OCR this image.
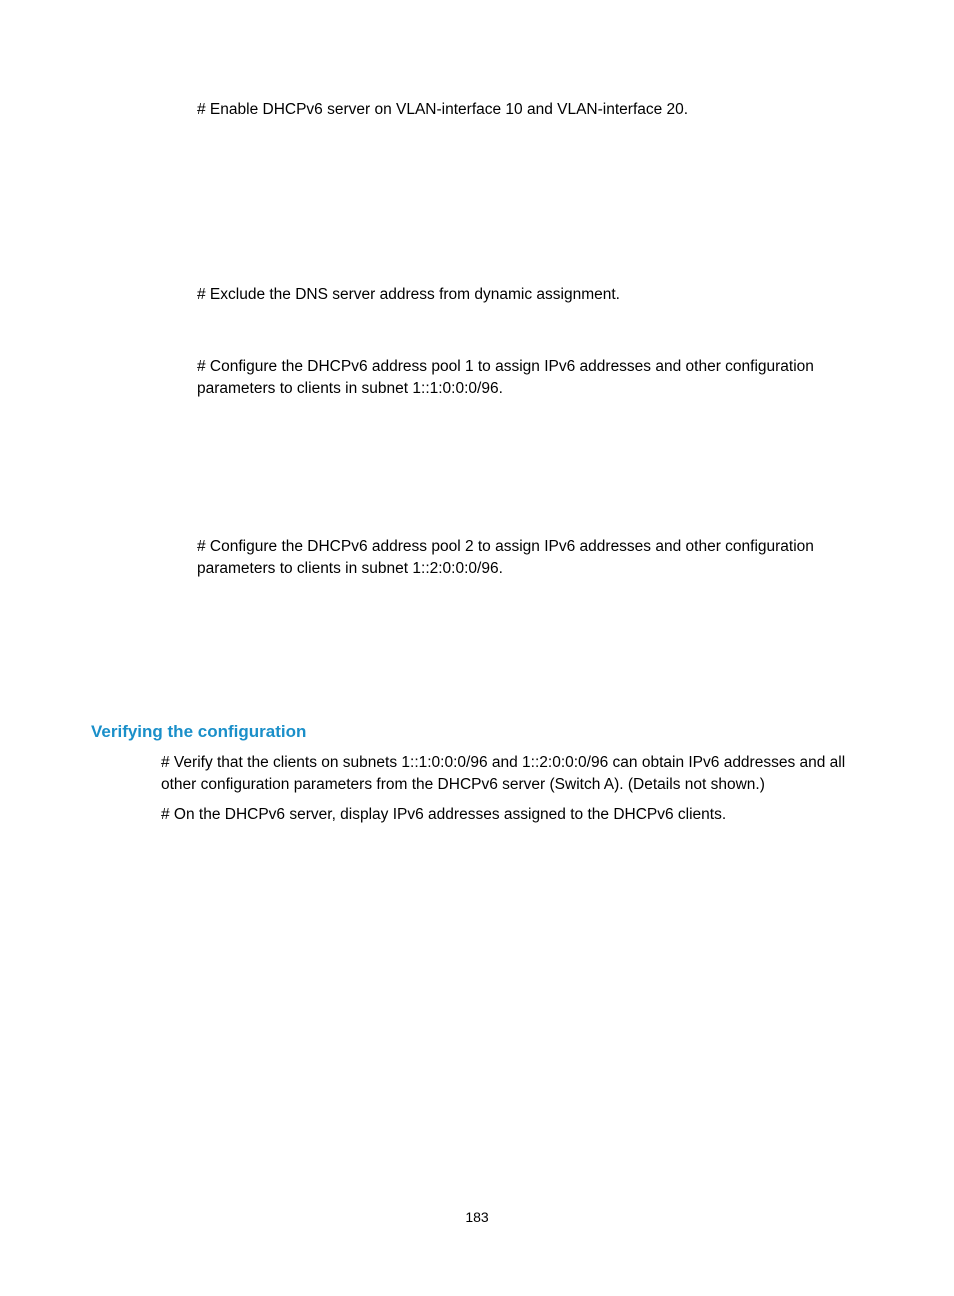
# Enable DHCPv6 server on VLAN-interface 10 and VLAN-interface 20.

# Exclude the DNS server address from dynamic assignment.

# Configure the DHCPv6 address pool 1 to assign IPv6 addresses and other configuration

parameters to clients in subnet 1::1:0:0:0/96.

# Configure the DHCPv6 address pool 2 to assign IPv6 addresses and other configuration

parameters to clients in subnet 1::2:0:0:0/96.

Verifying the configuration

# Verify that the clients on subnets 1::1:0:0:0/96 and 1::2:0:0:0/96 can obtain IPv6 addresses and all

other configuration parameters from the DHCPv6 server (Switch A). (Details not shown.)

# On the DHCPv6 server, display IPv6 addresses assigned to the DHCPv6 clients.

183
